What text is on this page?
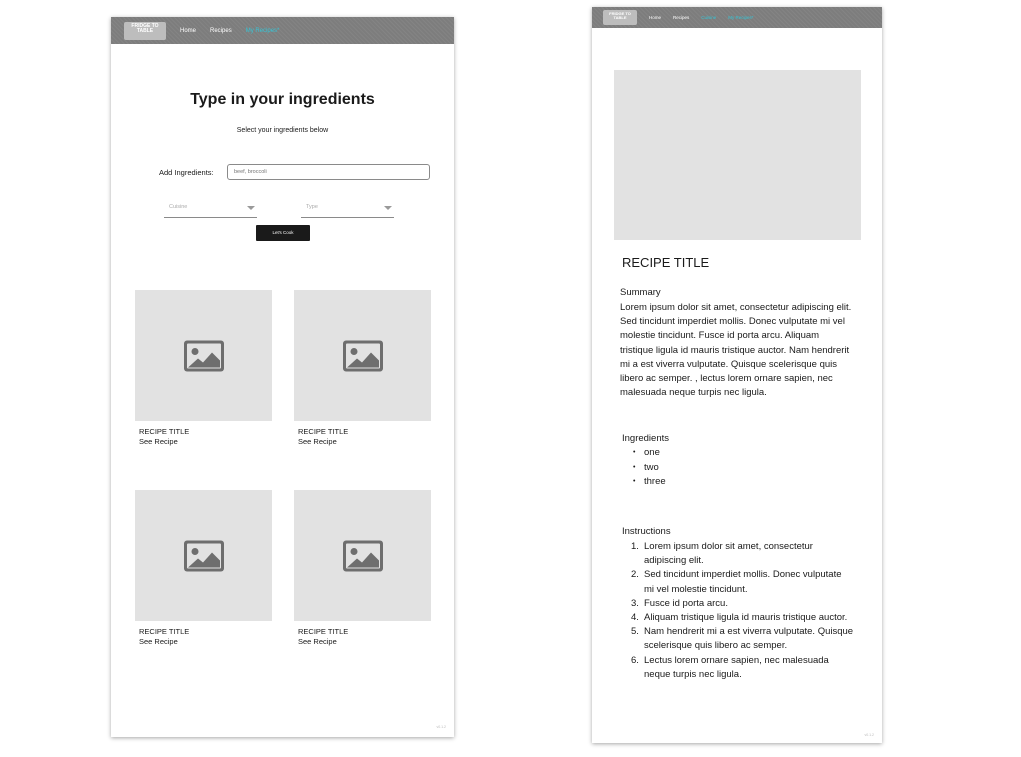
FRIDGE TO
TABLE	Home Recipes My Recipes*
Type in your ingredients
Select your ingredients below
Add Ingredients:
beef, broccoli
Cuisine	Type
Let's Cook
RECIPE TITLE
See Recipe
RECIPE TITLE
See Recipe
RECIPE TITLE
See Recipe
RECIPE TITLE
See Recipe
v0.1.2
FRIDGE TO
TABLE	Home	Recipes	Cuisine	My Recipes*
RECIPE TITLE
Summary
Lorem ipsum dolor sit amet, consectetur adipiscing elit. Sed tincidunt imperdiet mollis. Donec vulputate mi vel molestie tincidunt. Fusce id porta arcu. Aliquam tristique ligula id mauris tristique auctor. Nam hendrerit mi a est viverra vulputate. Quisque scelerisque quis libero ac semper. , lectus lorem ornare sapien, nec malesuada neque turpis nec ligula.
Ingredients
• one
• two
• three
Instructions
1. Lorem ipsum dolor sit amet, consectetur adipiscing elit.
2. Sed tincidunt imperdiet mollis. Donec vulputate mi vel molestie tincidunt.
3. Fusce id porta arcu.
4. Aliquam tristique ligula id mauris tristique auctor.
5. Nam hendrerit mi a est viverra vulputate. Quisque scelerisque quis libero ac semper.
6. Lectus lorem ornare sapien, nec malesuada neque turpis nec ligula.
v0.1.2
